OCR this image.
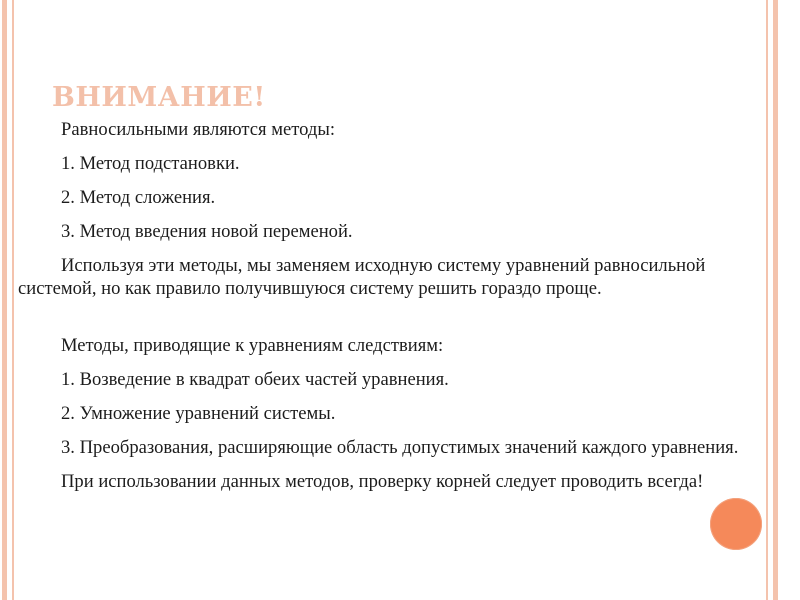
ВНИМАНИЕ!

Равносильными являются методы:

1. Метод подстановки.

2. Метод сложения.

3. Метод введения новой переменой.

Используя эти методы, мы заменяем исходную систему уравнений равносильной системой, но как правило получившуюся систему решить гораздо проще.

Методы, приводящие к уравнениям следствиям:

1. Возведение в квадрат обеих частей уравнения.

2. Умножение уравнений системы.

3. Преобразования, расширяющие область допустимых значений каждого уравнения.

При использовании данных методов, проверку корней следует проводить всегда!
